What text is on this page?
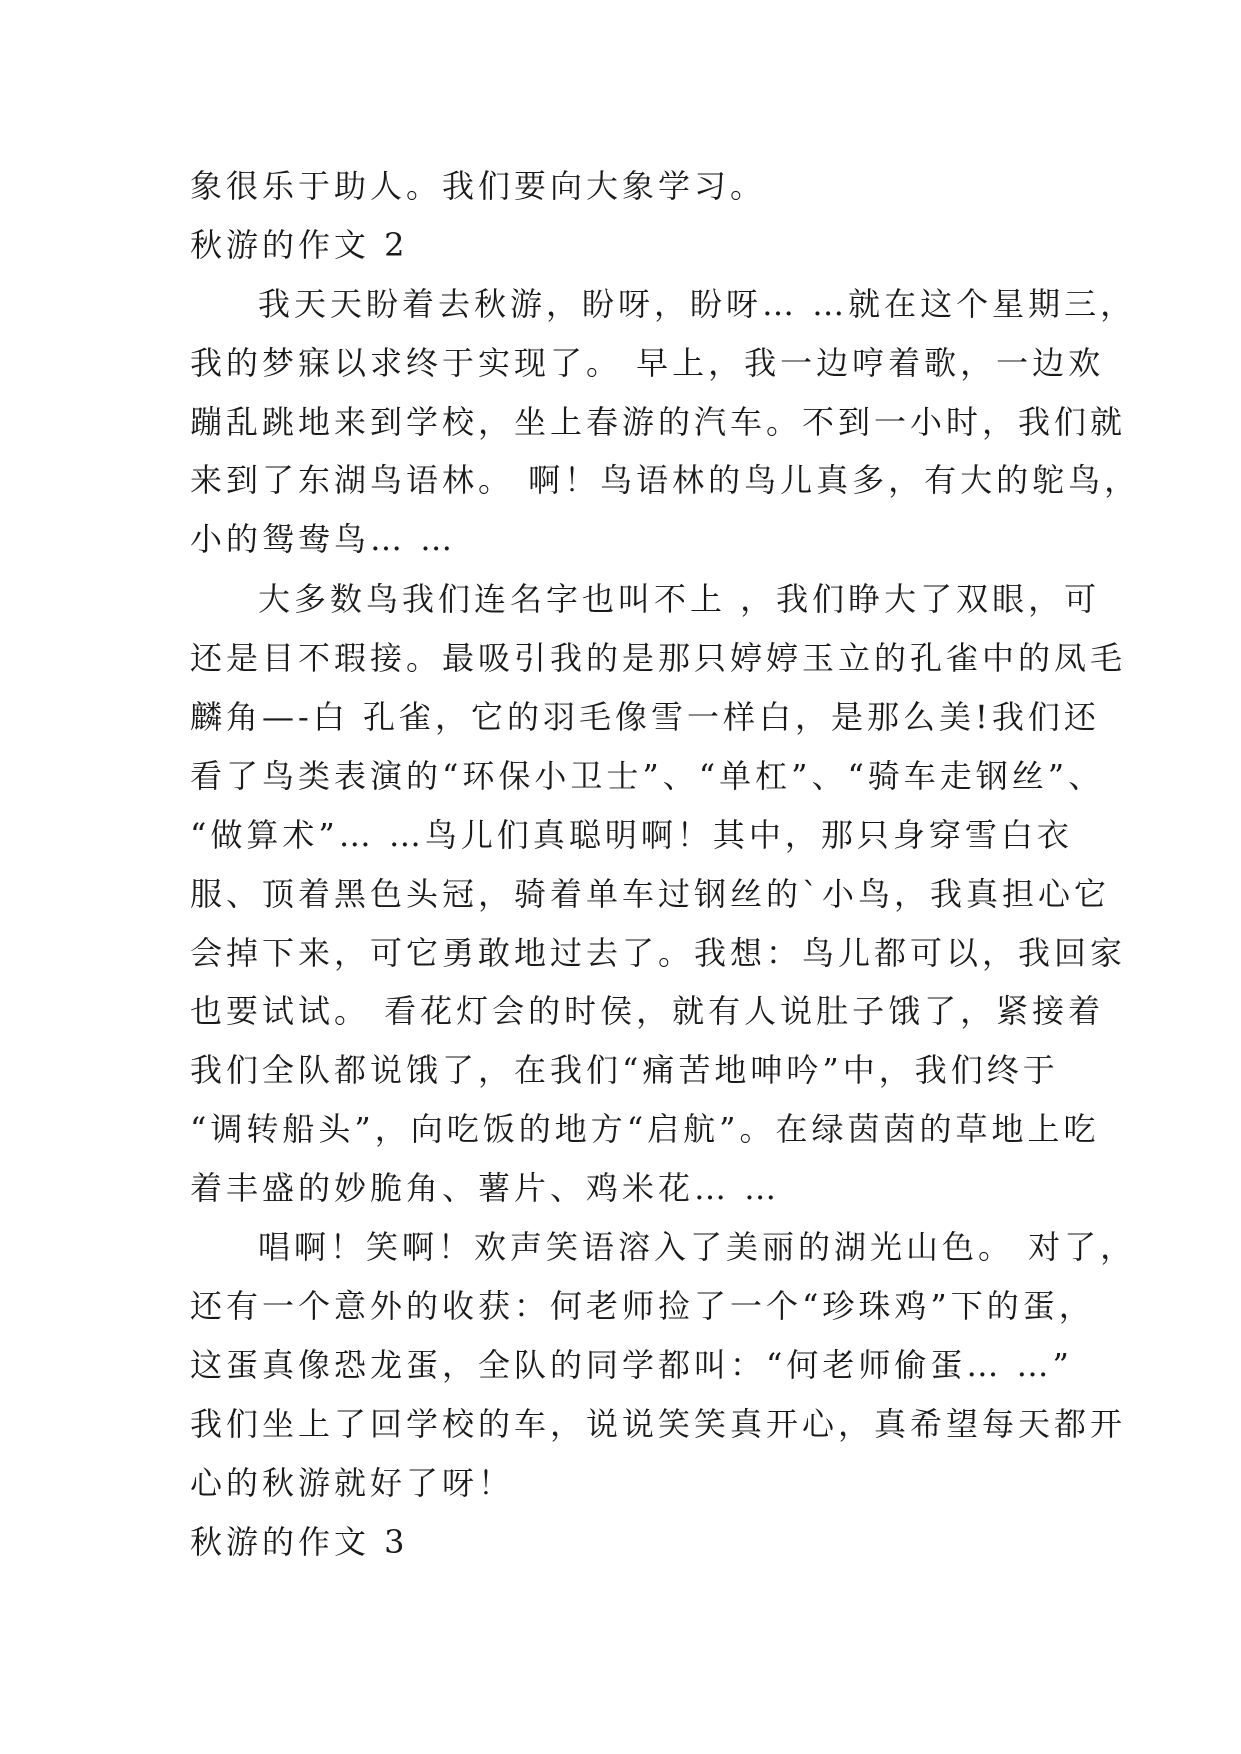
象很乐于助人。我们要向大象学习。

秋游的作文 2

我天天盼着去秋游，盼呀，盼呀… …就在这个星期三，

我的梦寐以求终于实现了。 早上，我一边哼着歌，一边欢

蹦乱跳地来到学校，坐上春游的汽车。不到一小时，我们就

来到了东湖鸟语林。 啊！鸟语林的鸟儿真多，有大的鸵鸟，

小的鸳鸯鸟… …

大多数鸟我们连名字也叫不上 ，我们睁大了双眼，可

还是目不瑕接。最吸引我的是那只婷婷玉立的孔雀中的凤毛

麟角—-白 孔雀，它的羽毛像雪一样白，是那么美!我们还

看了鸟类表演的“环保小卫士”、“单杠”、“骑车走钢丝”、

“做算术”… …鸟儿们真聪明啊！其中，那只身穿雪白衣

服、顶着黑色头冠，骑着单车过钢丝的`小鸟，我真担心它

会掉下来，可它勇敢地过去了。我想：鸟儿都可以，我回家

也要试试。 看花灯会的时侯，就有人说肚子饿了，紧接着

我们全队都说饿了，在我们“痛苦地呻吟”中，我们终于

“调转船头”，向吃饭的地方“启航”。在绿茵茵的草地上吃

着丰盛的妙脆角、薯片、鸡米花… …

唱啊！笑啊！欢声笑语溶入了美丽的湖光山色。 对了，

还有一个意外的收获：何老师捡了一个“珍珠鸡”下的蛋，

这蛋真像恐龙蛋，全队的同学都叫：“何老师偷蛋… …”

我们坐上了回学校的车，说说笑笑真开心，真希望每天都开

心的秋游就好了呀！

秋游的作文 3
